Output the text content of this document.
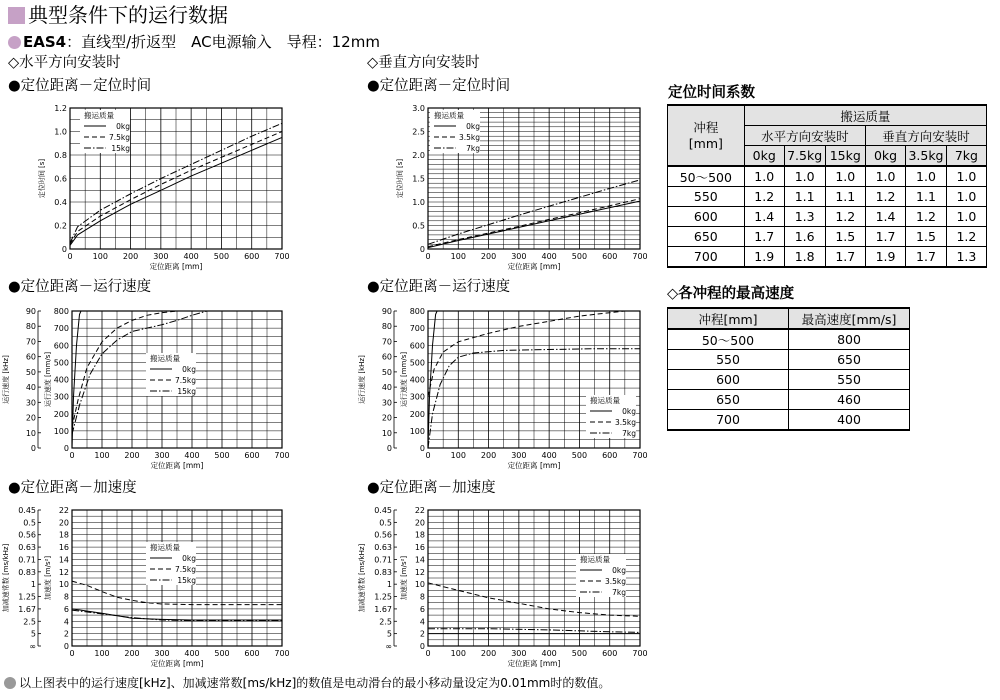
典型条件下的运行数据
EAS4 ：直线型/折返型　AC电源输入　导程：12mm
◇水平方向安装时	◇垂直方向安装时
●定位距离－定位时间	●定位距离－定位时间
●定位距离－运行速度	●定位距离－运行速度
●定位距离－加速度	●定位距离－加速度
0	100 200 300 400 500 600 700
定位距离 [mm]
0
0.2
0.4
0.6
0.8
1.0
1.2
定位时间 [s]
搬运质量
0kg
7.5kg
15kg
0	100 200 300 400 500 600 700
定位距离 [mm]
0
0.5
1.0
1.5
2.0
2.5
3.0
定位时间 [s]
搬运质量
0kg
3.5kg
7kg
0 100 200 300 400 500 600 700
定位距离 [mm]
0
100
200
300
400
500
600
700
800
0
10
20
30
40
50
60
70
80
90
运行速度 [kHz]	运行速度 [mm/s]	搬运质量
0kg
7.5kg
15kg
0	100 200 300 400 500 600 700
定位距离 [mm]
0
100
200
300
400
500
600
700
800
0
10
20
30
40
50
60
70
80
90
运行速度 [kHz]	运行速度 [mm/s]	搬运质量
0kg
3.5kg
7kg
0 100 200 300 400 500 600 700
定位距离 [mm]
0
2
4
6
8
10
12
14
16
18
20
22
∞
5
2.5
1.67
1.25
1
0.83
0.71
0.63
0.56
0.5
0.45
加减速常数 [ms/kHz]	加速度 [m/s²]
搬运质量
0kg
7.5kg
15kg
0	100 200 300 400 500 600 700
定位距离 [mm]
0
2
4
6
8
10
12
14
16
18
20
22
∞
5
2.5
1.67
1.25
1
0.83
0.71
0.63
0.56
0.5
0.45
加减速常数 [ms/kHz]	加速度 [m/s²]	搬运质量
0kg
3.5kg
7kg
定位时间系数
冲程
[mm]	搬运质量					
	水平方向安装时			垂直方向安装时		
	0kg	7.5kg	15kg	0kg	3.5kg	7kg
50～500	1.0	1.0	1.0	1.0	1.0	1.0
550	1.2	1.1	1.1	1.2	1.1	1.0
600	1.4	1.3	1.2	1.4	1.2	1.0
650	1.7	1.6	1.5	1.7	1.5	1.2
700	1.9	1.8	1.7	1.9	1.7	1.3
◇各冲程的最高速度
冲程[mm]	最高速度[mm/s]
50～500	800
550	650
600	550
650	460
700	400
以上图表中的运行速度[kHz]、加减速常数[ms/kHz]的数值是电动滑台的最小移动量设定为0.01mm时的数值。
